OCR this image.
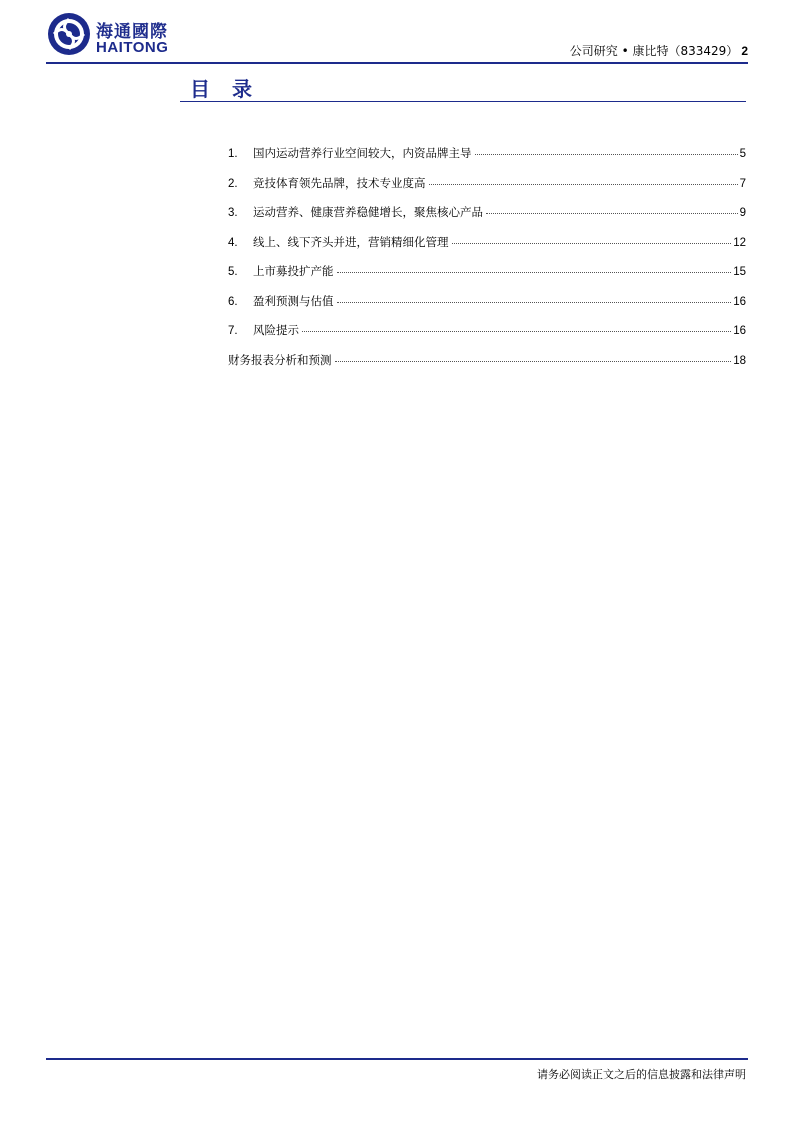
海通國際
HAITONG	公司研究 • 康比特（833429） 2
目录
1.	国内运动营养行业空间较大，内资品牌主导	5
2.	竞技体育领先品牌，技术专业度高	7
3.	运动营养、健康营养稳健增长，聚焦核心产品	9
4.	线上、线下齐头并进，营销精细化管理	12
5.	上市募投扩产能	15
6.	盈利预测与估值	16
7.	风险提示	16
财务报表分析和预测	18
请务必阅读正文之后的信息披露和法律声明
